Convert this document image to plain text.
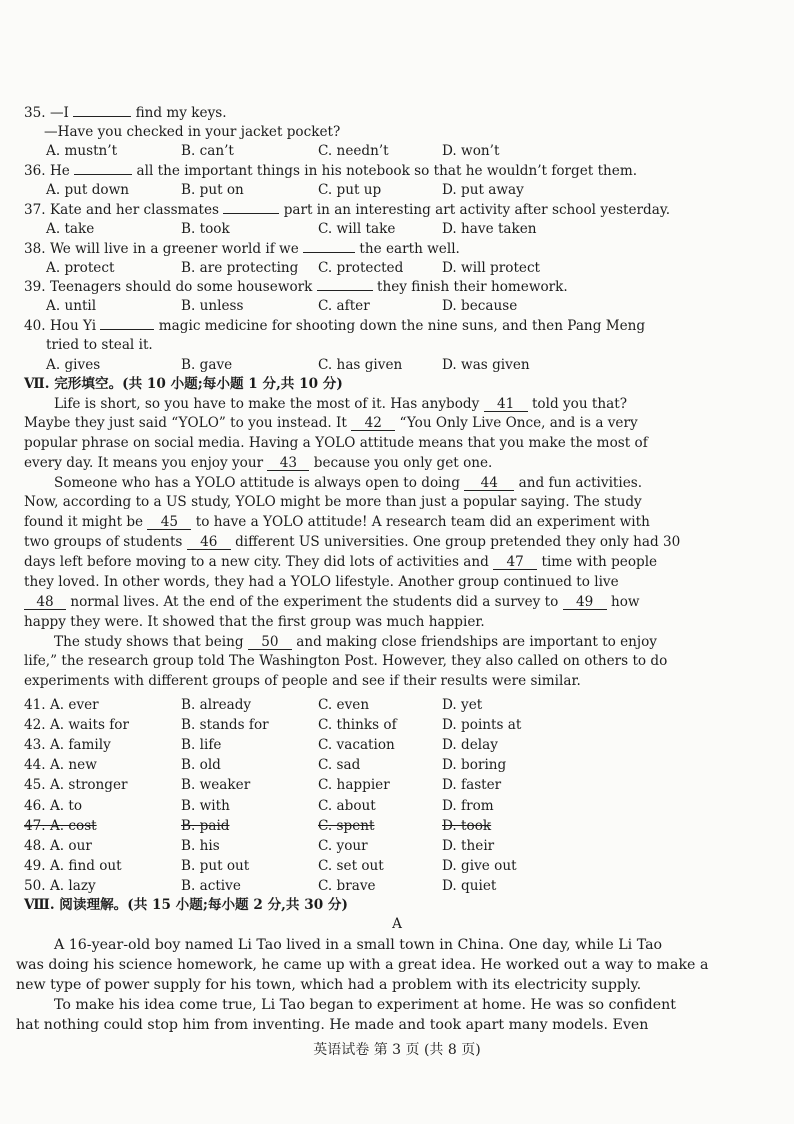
35. —I	find my keys.
—Have you checked in your jacket pocket?
A. mustn’t	B. can’t	C. needn’t	D. won’t
36. He	all the important things in his notebook so that he wouldn’t forget them.
A. put down	B. put on	C. put up	D. put away
37. Kate and her classmates	part in an interesting art activity after school yesterday.
A. take	B. took	C. will take	D. have taken
38. We will live in a greener world if we	the earth well.
A. protect	B. are protecting C. protected	D. will protect
39. Teenagers should do some housework	they finish their homework.
A. until	B. unless	C. after	D. because
40. Hou Yi	magic medicine for shooting down the nine suns, and then Pang Meng
tried to steal it.
A. gives	B. gave	C. has given	D. was given
Ⅶ. 完形填空。(共 10 小题;每小题 1 分,共 10 分)
Life is short, so you have to make the most of it. Has anybody 41 told you that?
Maybe they just said “YOLO” to you instead. It 42 “You Only Live Once, and is a very
popular phrase on social media. Having a YOLO attitude means that you make the most of
every day. It means you enjoy your 43 because you only get one.
Someone who has a YOLO attitude is always open to doing 44 and fun activities.
Now, according to a US study, YOLO might be more than just a popular saying. The study
found it might be 45 to have a YOLO attitude! A research team did an experiment with
two groups of students 46 different US universities. One group pretended they only had 30
days left before moving to a new city. They did lots of activities and 47 time with people
they loved. In other words, they had a YOLO lifestyle. Another group continued to live
48 normal lives. At the end of the experiment the students did a survey to 49 how
happy they were. It showed that the first group was much happier.
The study shows that being 50 and making close friendships are important to enjoy
life,” the research group told The Washington Post. However, they also called on others to do
experiments with different groups of people and see if their results were similar.
41. A. ever	B. already	C. even	D. yet
42. A. waits for	B. stands for	C. thinks of	D. points at
43. A. family	B. life	C. vacation	D. delay
44. A. new	B. old	C. sad	D. boring
45. A. stronger	B. weaker	C. happier	D. faster
46. A. to	B. with	C. about	D. from
47. A. cost	B. paid	C. spent	D. took
48. A. our	B. his	C. your	D. their
49. A. find out	B. put out	C. set out	D. give out
50. A. lazy	B. active	C. brave	D. quiet
Ⅷ. 阅读理解。(共 15 小题;每小题 2 分,共 30 分)
A
A 16-year-old boy named Li Tao lived in a small town in China. One day, while Li Tao
was doing his science homework, he came up with a great idea. He worked out a way to make a
new type of power supply for his town, which had a problem with its electricity supply.
To make his idea come true, Li Tao began to experiment at home. He was so confident
hat nothing could stop him from inventing. He made and took apart many models. Even
英语试卷 第 3 页 (共 8 页)
